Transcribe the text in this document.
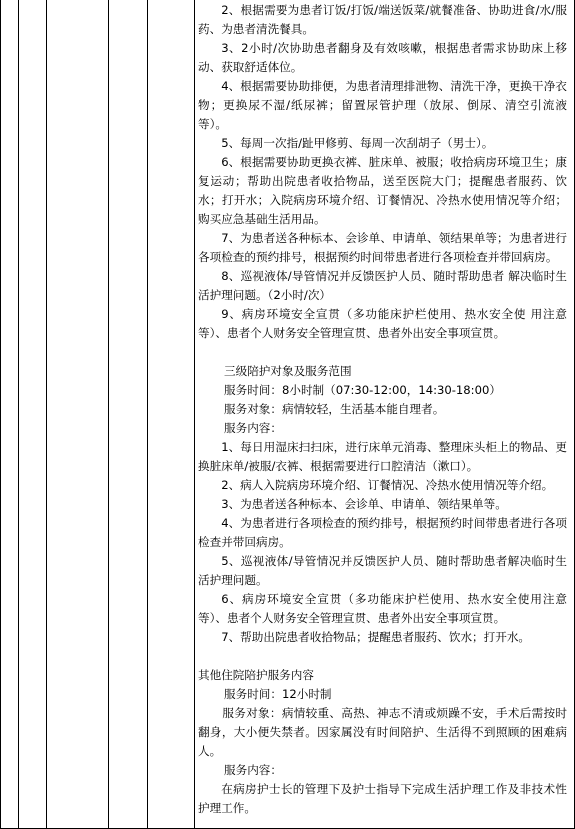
2、根据需要为患者订饭/打饭/端送饭菜/就餐准备、协助进食/水/服药、为患者清洗餐具。

3、2小时/次协助患者翻身及有效咳嗽，根据患者需求协助床上移动、获取舒适体位。

4、根据需要协助排便，为患者清理排泄物、清洗干净，更换干净衣物；更换尿不湿/纸尿裤；留置尿管护理（放尿、倒尿、清空引流液等）。

5、每周一次指/趾甲修剪、每周一次刮胡子（男士）。

6、根据需要协助更换衣裤、脏床单、被服；收拾病房环境卫生；康复运动；帮助出院患者收拾物品，送至医院大门；提醒患者服药、饮水；打开水；入院病房环境介绍、订餐情况、冷热水使用情况等介绍；购买应急基础生活用品。

7、为患者送各种标本、会诊单、申请单、领结果单等；为患者进行各项检查的预约排号，根据预约时间带患者进行各项检查并带回病房。

8、巡视液体/导管情况并反馈医护人员、随时帮助患者 解决临时生活护理问题。（2小时/次）

9、病房环境安全宣贯（多功能床护栏使用、热水安全使 用注意等）、患者个人财务安全管理宣贯、患者外出安全事项宣贯。

三级陪护对象及服务范围

服务时间：8小时制（07:30-12:00，14:30-18:00）

服务对象：病情较轻，生活基本能自理者。

服务内容：

1、每日用湿床扫扫床，进行床单元消毒、整理床头柜上的物品、更换脏床单/被服/衣裤、根据需要进行口腔清洁（漱口）。

2、病人入院病房环境介绍、订餐情况、冷热水使用情况等介绍。

3、为患者送各种标本、会诊单、申请单、领结果单等。

4、为患者进行各项检查的预约排号，根据预约时间带患者进行各项检查并带回病房。

5、巡视液体/导管情况并反馈医护人员、随时帮助患者解决临时生活护理问题。

6、病房环境安全宣贯（多功能床护栏使用、热水安全使用注意等）、患者个人财务安全管理宣贯、患者外出安全事项宣贯。

7、帮助出院患者收拾物品；提醒患者服药、饮水；打开水。

其他住院陪护服务内容

服务时间：12小时制

服务对象：病情较重、高热、神志不清或烦躁不安，手术后需按时翻身，大小便失禁者。因家属没有时间陪护、生活得不到照顾的困难病人。

服务内容：

在病房护士长的管理下及护士指导下完成生活护理工作及非技术性护理工作。
